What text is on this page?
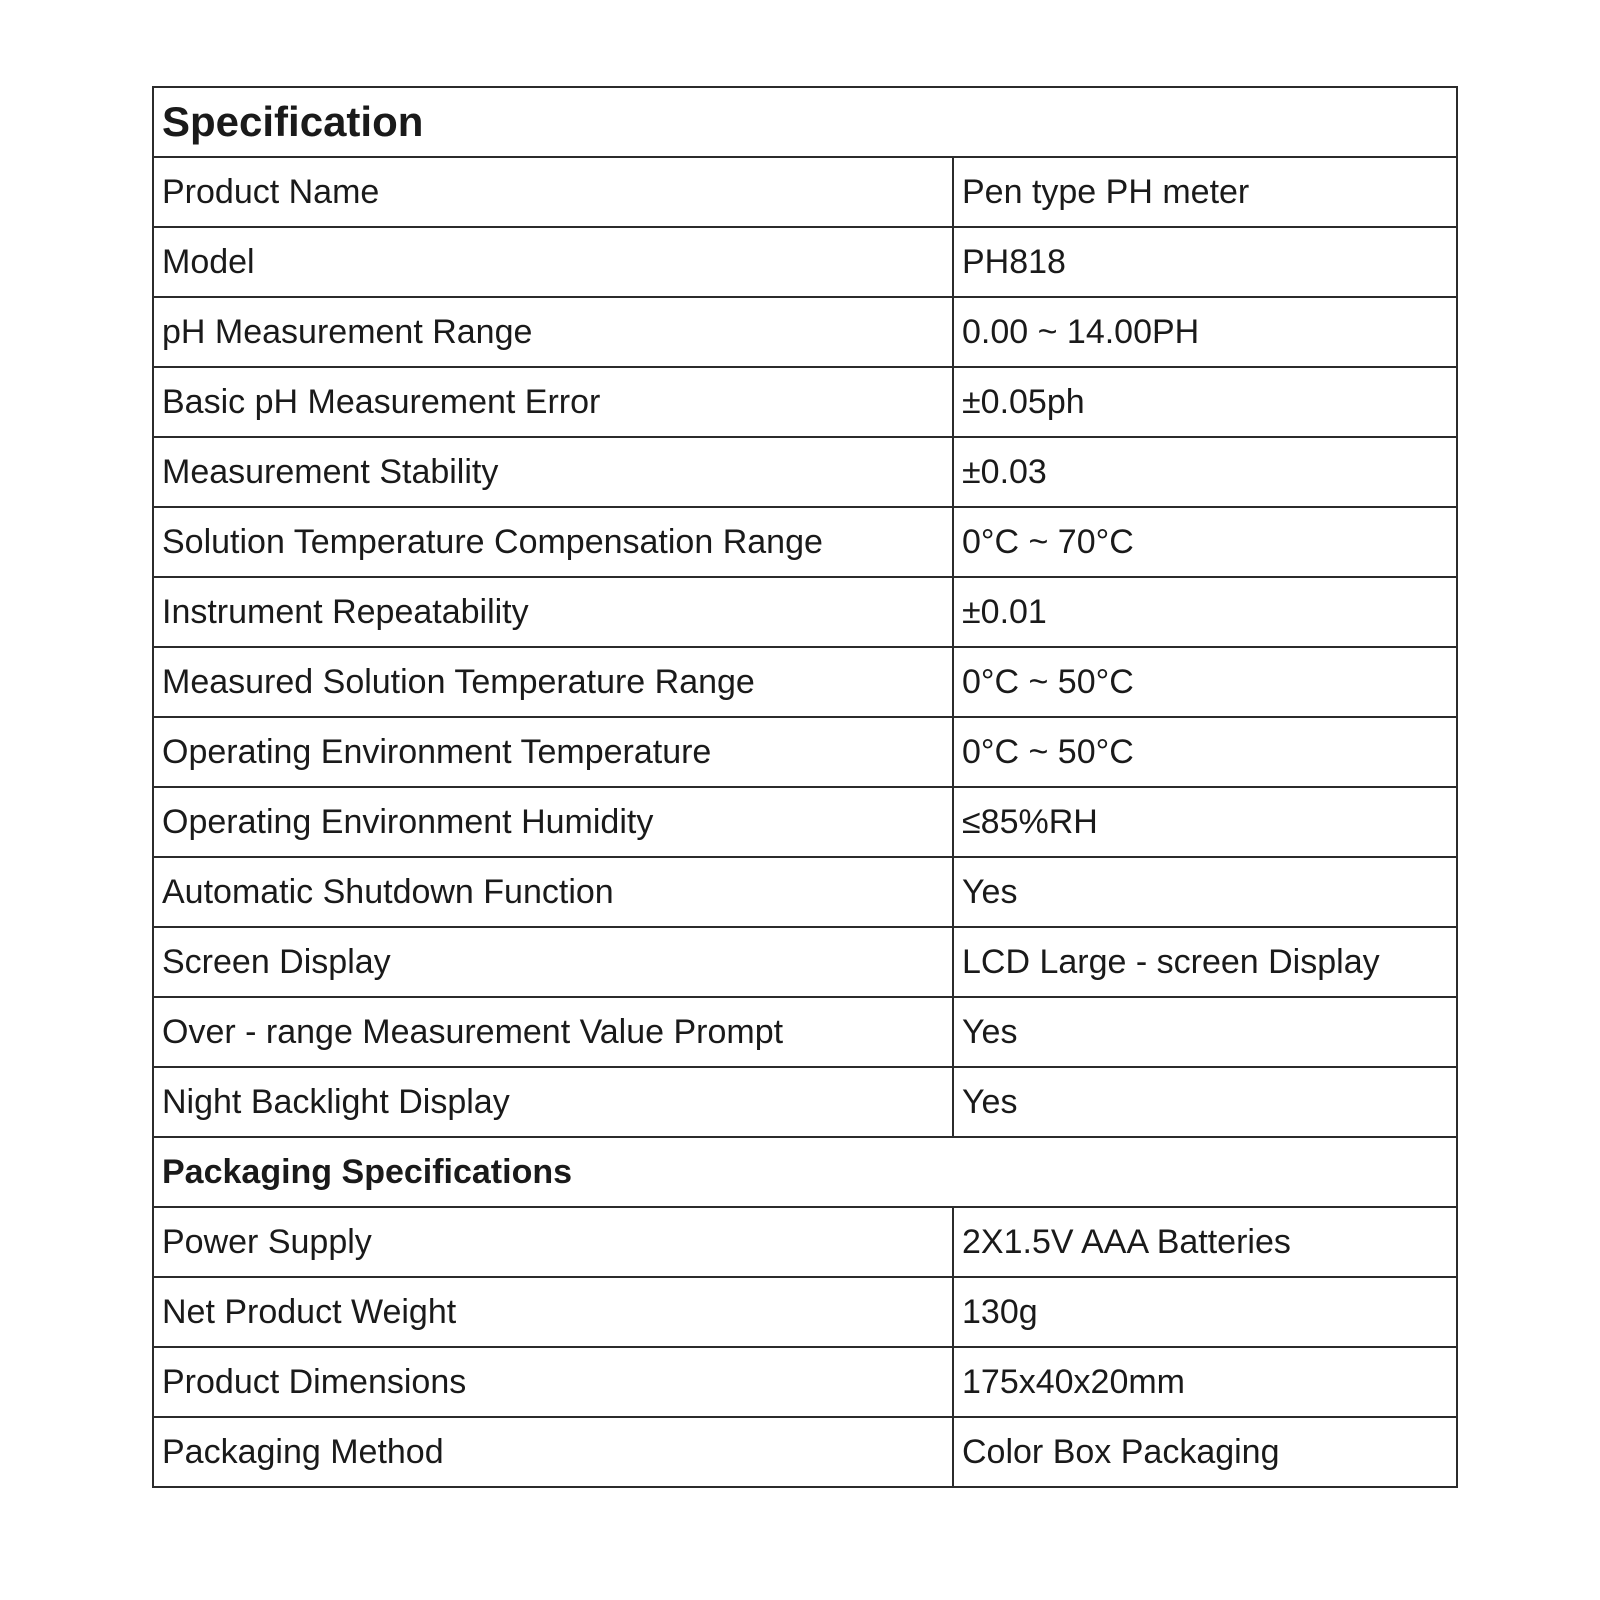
Specification	
Product Name	Pen type PH meter
Model	PH818
pH Measurement Range	0.00 ~ 14.00PH
Basic pH Measurement Error	±0.05ph
Measurement Stability	±0.03
Solution Temperature Compensation Range	0°C ~ 70°C
Instrument Repeatability	±0.01
Measured Solution Temperature Range	0°C ~ 50°C
Operating Environment Temperature	0°C ~ 50°C
Operating Environment Humidity	≤85%RH
Automatic Shutdown Function	Yes
Screen Display	LCD Large - screen Display
Over - range Measurement Value Prompt	Yes
Night Backlight Display	Yes
Packaging Specifications	
Power Supply	2X1.5V AAA Batteries
Net Product Weight	130g
Product Dimensions	175x40x20mm
Packaging Method	Color Box Packaging
